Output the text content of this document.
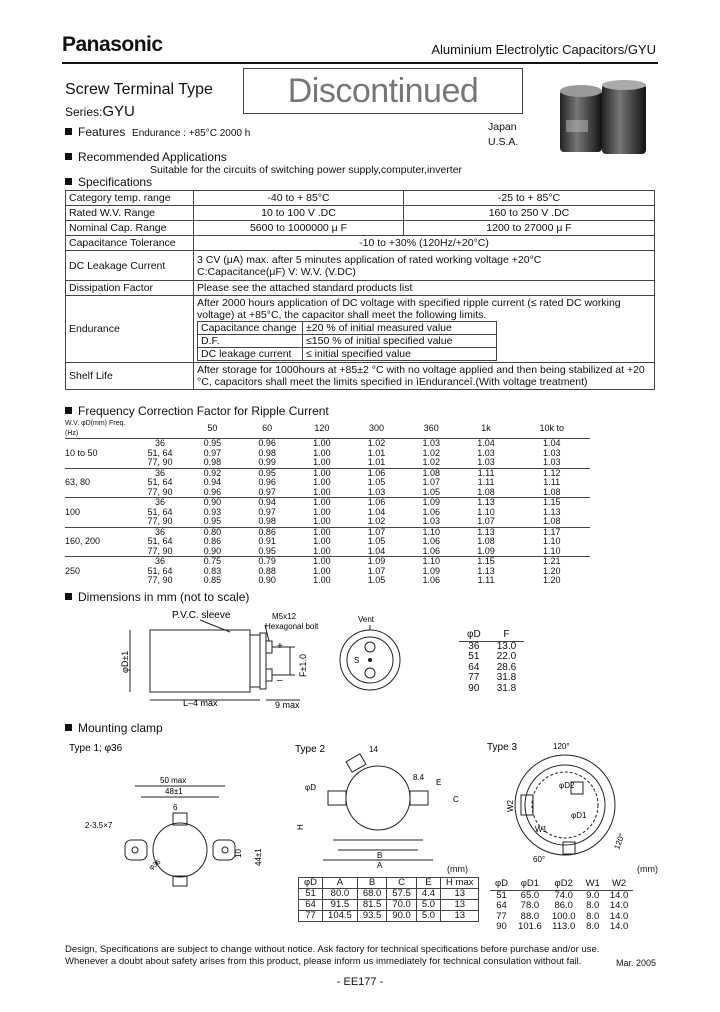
Panasonic	Aluminium Electrolytic Capacitors/GYU
Screw Terminal Type
Series:GYU
Discontinued
Japan
U.S.A.
Features Endurance : +85°C 2000 h
Recommended Applications
Suitable for the circuits of switching power supply,computer,inverter
Specifications
Category temp. range	-40 to + 85°C	-25 to + 85°C
Rated W.V. Range	10 to 100 V .DC	160 to 250 V .DC
Nominal Cap. Range	5600 to 1000000 μ F	1200 to 27000 μ F
Capacitance Tolerance	-10 to +30% (120Hz/+20°C)
DC Leakage Current	3 CV (μA) max. after 5 minutes application of rated working voltage +20°C
C:Capacitance(μF) V: W.V. (V.DC)

Dissipation Factor	Please see the attached standard products list
Endurance	
After 2000 hours application of DC voltage with specified ripple current (≤ rated DC working voltage) at +85°C, the capacitor shall meet the following limits.
Capacitance change	±20 % of initial measured value
D.F.	≤150 % of initial specified value
DC leakage current	≤ initial specified value

Shelf Life	After storage for 1000hours at +85±2 °C with no voltage applied and then being stabilized at +20 °C, capacitors shall meet the limits specified in ìEnduranceî.(With voltage treatment)
Frequency Correction Factor for Ripple Current
W.V. φD(mm) Freq.(Hz)		50	60	120	300	360	1k	10k to
	36	0.95	0.96	1.00	1.02	1.03	1.04	1.04
10 to 50	51, 64	0.97	0.98	1.00	1.01	1.02	1.03	1.03
	77, 90	0.98	0.99	1.00	1.01	1.02	1.03	1.03
	36	0.92	0.95	1.00	1.06	1.08	1.11	1.12
63, 80	51, 64	0.94	0.96	1.00	1.05	1.07	1.11	1.11
	77, 90	0.96	0.97	1.00	1.03	1.05	1.08	1.08
	36	0.90	0.94	1.00	1.06	1.09	1.13	1.15
100	51, 64	0.93	0.97	1.00	1.04	1.06	1.10	1.13
	77, 90	0.95	0.98	1.00	1.02	1.03	1.07	1.08
	36	0.80	0.86	1.00	1.07	1.10	1.13	1.17
160, 200	51, 64	0.86	0.91	1.00	1.05	1.06	1.08	1.10
	77, 90	0.90	0.95	1.00	1.04	1.06	1.09	1.10
	36	0.75	0.79	1.00	1.09	1.10	1.15	1.21
250	51, 64	0.83	0.88	1.00	1.07	1.09	1.13	1.20
	77, 90	0.85	0.90	1.00	1.05	1.06	1.11	1.20
Dimensions in mm (not to scale)
P.V.C. sleeve	M5x12
Hexagonal bolt
φD±1
L–4 max	9 max
F±1.0
+
–
Vent
S
φD	F
36	13.0
51	22.0
64	28.6
77	31.8
90	31.8
Mounting clamp
Type 1; φ36
50 max
48±1
2-3.5×7
6
10 44±1
φ36
Type 2	14
8.4
φD
C
E
B
A
H
Type 3	120°
φD2
φD1
W1
W2
60°
120°
(mm)	(mm)
φD	A	B	C	E	H max
51	80.0	68.0	57.5	4.4	13
64	91.5	81.5	70.0	5.0	13
77	104.5	93.5	90.0	5.0	13
φD	φD1	φD2	W1	W2
51	65.0	74.0	9.0	14.0
64	78.0	86.0	8.0	14.0
77	88.0	100.0	8.0	14.0
90	101.6	113.0	8.0	14.0
Design, Specifications are subject to change without notice. Ask factory for technical specifications before purchase and/or use.
Whenever a doubt about safety arises from this product, please inform us immediately for technical consulation without fail.	Mar. 2005
- EE177 -
